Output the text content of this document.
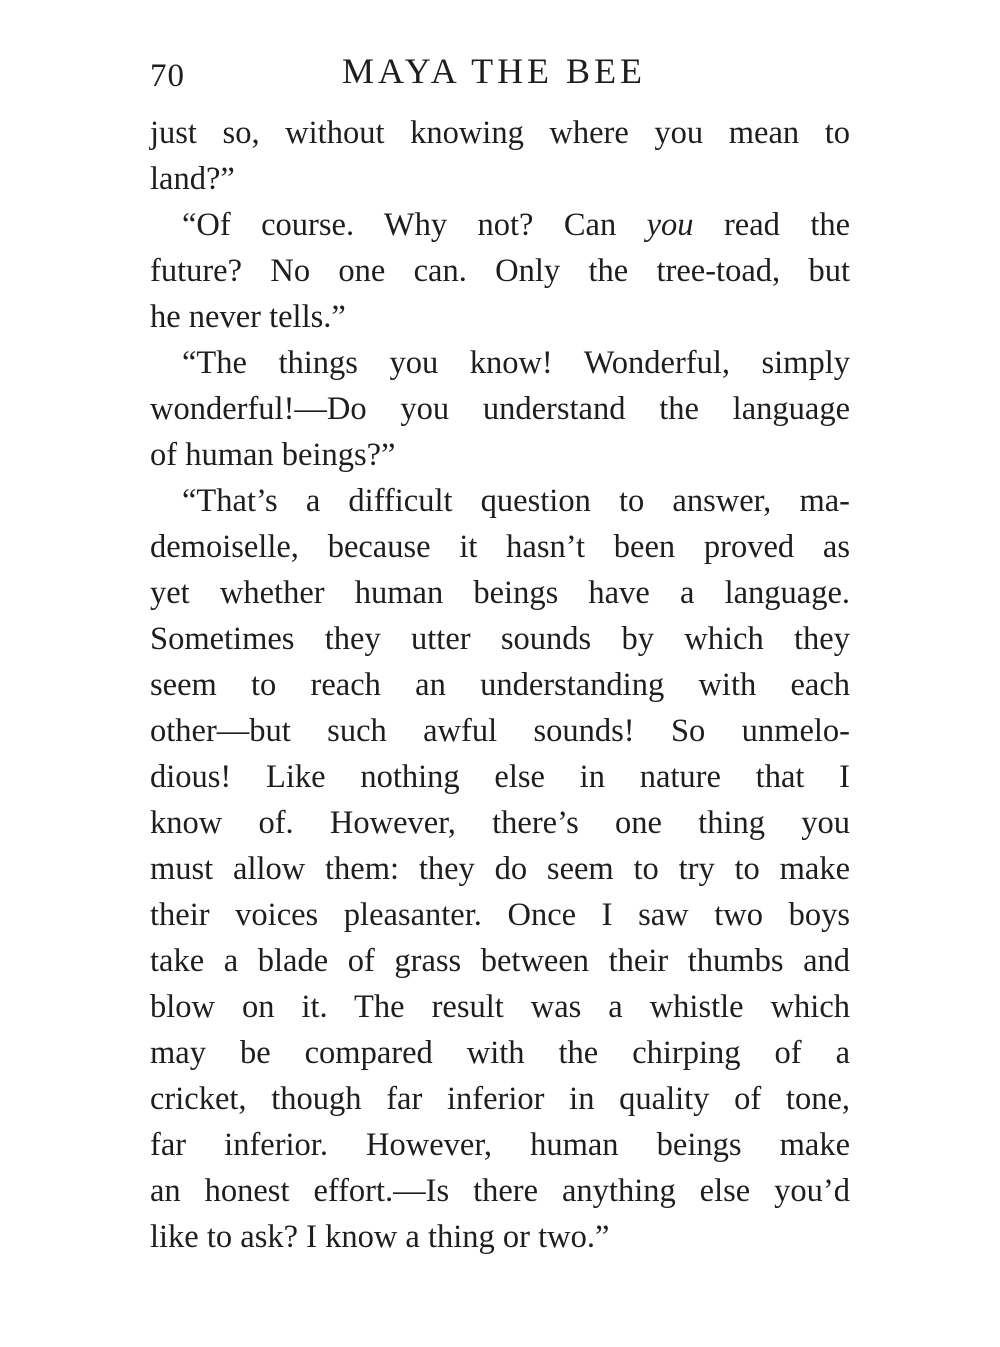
70	MAYA THE BEE
just so, without knowing where you mean to
land?”
“Of course. Why not? Can you read the
future? No one can. Only the tree-toad, but
he never tells.”
“The things you know! Wonderful, simply
wonderful!—Do you understand the language
of human beings?”
“That’s a difficult question to answer, ma-
demoiselle, because it hasn’t been proved as
yet whether human beings have a language.
Sometimes they utter sounds by which they
seem to reach an understanding with each
other—but such awful sounds! So unmelo-
dious! Like nothing else in nature that I
know of. However, there’s one thing you
must allow them: they do seem to try to make
their voices pleasanter. Once I saw two boys
take a blade of grass between their thumbs and
blow on it. The result was a whistle which
may be compared with the chirping of a
cricket, though far inferior in quality of tone,
far inferior. However, human beings make
an honest effort.—Is there anything else you’d
like to ask? I know a thing or two.”
